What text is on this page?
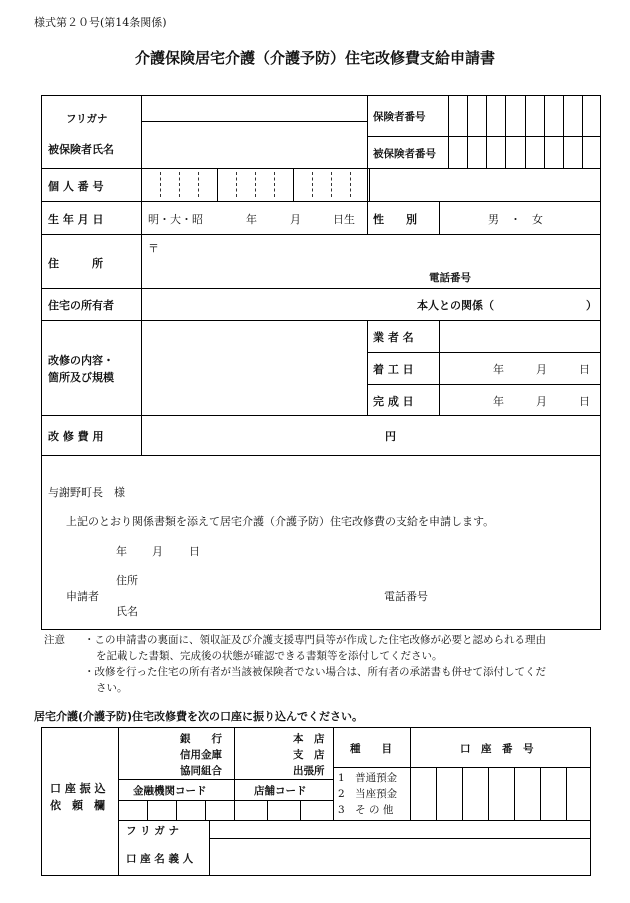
様式第２０号(第14条関係)
介護保険居宅介護（介護予防）住宅改修費支給申請書
フリガナ
被保険者氏名
保険者番号
被保険者番号
個 人 番 号
生 年 月 日	明・大・昭	年	月	日生 性　　別	男　・　女
住　　　所
〒
電話番号
住宅の所有者	本人との関係（	）
改修の内容・
箇所及び規模
業 者 名
着 工 日	年	月	日
完 成 日	年	月	日
改 修 費 用	円
与謝野町長　様
上記のとおり関係書類を添えて居宅介護（介護予防）住宅改修費の支給を申請します。
年 月 日
住所
申請者
氏名
電話番号
注意 ・この申請書の裏面に、領収証及び介護支援専門員等が作成した住宅改修が必要と認められる理由
を記載した書類、完成後の状態が確認できる書類等を添付してください。
・改修を行った住宅の所有者が当該被保険者でない場合は、所有者の承諾書も併せて添付してくだ
さい。
居宅介護(介護予防)住宅改修費を次の口座に振り込んでください。
口 座 振 込
依　頼　欄
銀　　行
信用金庫
協同組合
本　店
支　店
出張所
種　　目	口　座　番　号
金融機関コード	店舗コード
1　普通預金
2　当座預金
3　そ の 他
フ リ ガ ナ
口 座 名 義 人
